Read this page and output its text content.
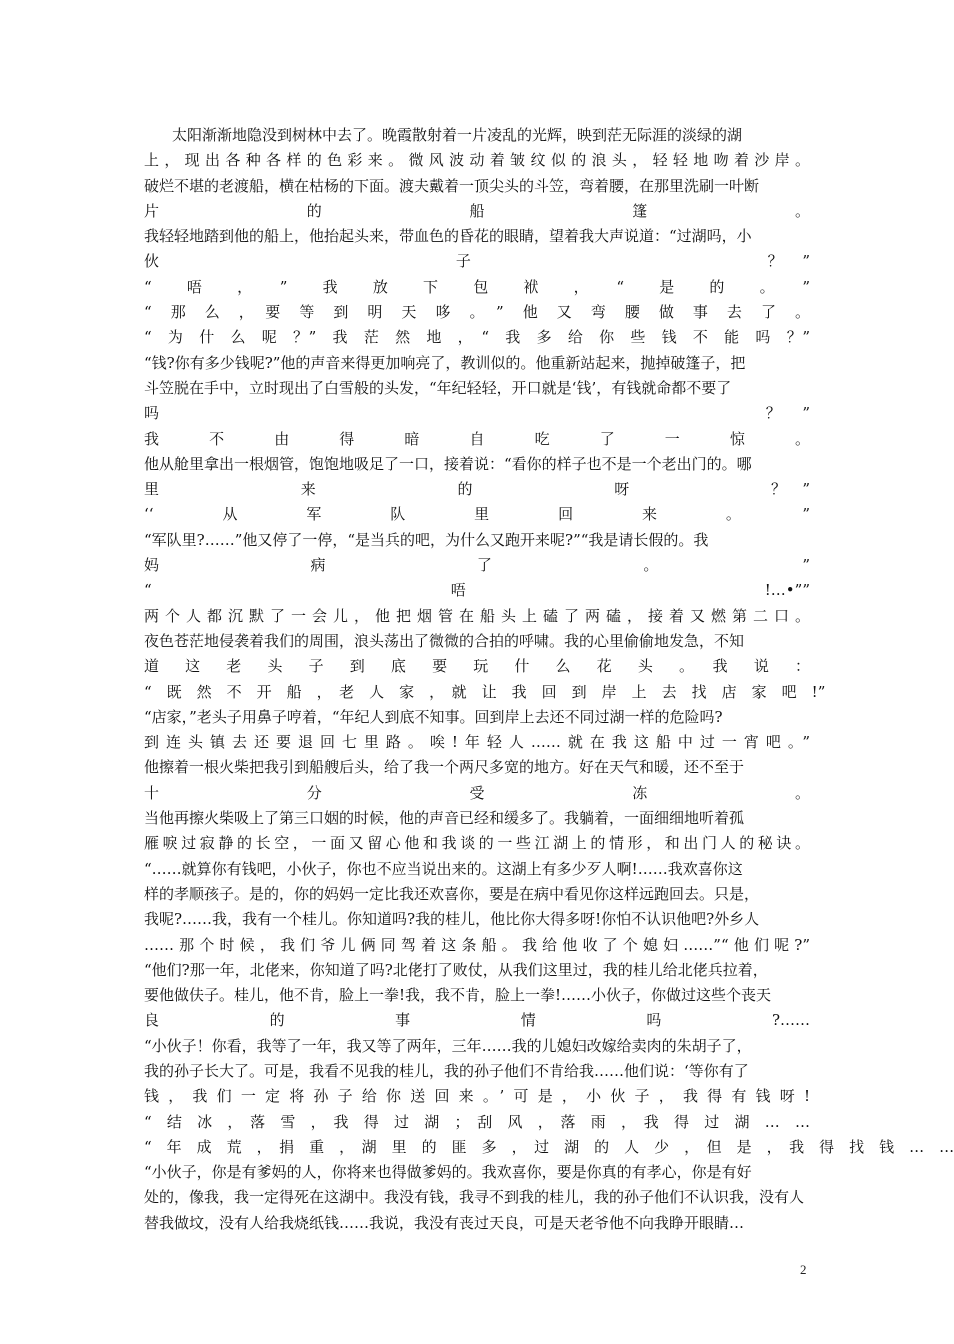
太阳渐渐地隐没到树林中去了。晚霞散射着一片凌乱的光辉，映到茫无际涯的淡绿的湖
上，现出各种各样的色彩来。微风波动着皱纹似的浪头，轻轻地吻着沙岸。
破烂不堪的老渡船，横在枯杨的下面。渡夫戴着一顶尖头的斗笠，弯着腰，在那里洗刷一叶断
片　　　　的　　　　船　　　　篷　　　　。
我轻轻地踏到他的船上，他抬起头来，带血色的昏花的眼睛，望着我大声说道：“过湖吗，小
伙　　　　　　　　子　　　　　　　　？”
“　唔　，　”　我　放　下　包　袱　，　“　是　的　。　”
“　那　么　，　要　等　到　明　天　哆　。　”　他　又　弯　腰　做　事　去　了　。
“　为　什　么　呢　？”　我　茫　然　地　，　“　我　多　给　你　些　钱　不　能　吗　？”
“钱?你有多少钱呢?”他的声音来得更加响亮了，教训似的。他重新站起来，抛掉破篷子，把
斗笠脱在手中，立时现出了白雪般的头发，“年纪轻轻，开口就是‘钱’，有钱就命都不要了
吗　　　　　　　　　　　　　　　　？”
我　不　由　得　暗　自　吃　了　一　惊　。
他从舱里拿出一根烟管，饱饱地吸足了一口，接着说：“看你的样子也不是一个老出门的。哪
里　　　　来　　　　的　　　　呀　　　　？”
‘‘　　从　　军　　队　　里　　回　　来　　。　　”
“军队里?……”他又停了一停，“是当兵的吧，为什么又跑开来呢?”“我是请长假的。我
妈　　　　病　　　　了　　　　。　　　　”
“　　　　　　　唔　　　　　　　!…•””
两个人都沉默了一会儿，他把烟管在船头上磕了两磕，接着又燃第二口。
夜色苍茫地侵袭着我们的周围，浪头荡出了微微的合拍的呼啸。我的心里偷偷地发急，不知
道　这　老　头　子　到　底　要　玩　什　么　花　头　。　我　说　：
“　既　然　不　开　船　，　老　人　家　，　就　让　我　回　到　岸　上　去　找　店　家　吧　!”
“店家，”老头子用鼻子哼着，“年纪人到底不知事。回到岸上去还不同过湖一样的危险吗?
到连头镇去还要退回七里路。唉!年轻人……就在我这船中过一宵吧。”
他擦着一根火柴把我引到船艘后头，给了我一个两尺多宽的地方。好在天气和暖，还不至于
十　　　　分　　　　受　　　　冻　　　　。
当他再擦火柴吸上了第三口姻的时候，他的声音已经和缓多了。我躺着，一面细细地听着孤
雁唳过寂静的长空，一面又留心他和我谈的一些江湖上的情形，和出门人的秘诀。
“……就算你有钱吧，小伙子，你也不应当说出来的。这湖上有多少歹人啊!……我欢喜你这
样的孝顺孩子。是的，你的妈妈一定比我还欢喜你，要是在病中看见你这样远跑回去。只是，
我呢?……我，我有一个桂儿。你知道吗?我的桂儿，他比你大得多呀!你怕不认识他吧?外乡人
……那个时候，我们爷儿俩同驾着这条船。我给他收了个媳妇……”“他们呢?”
“他们?那一年，北佬来，你知道了吗?北佬打了败仗，从我们这里过，我的桂儿给北佬兵拉着，
要他做伕子。桂儿，他不肯，脸上一拳!我，我不肯，脸上一拳!……小伙子，你做过这些个丧天
良　　　的　　　事　　　情　　　吗　　　?……
“小伙子！你看，我等了一年，我又等了两年，三年……我的儿媳妇改嫁给卖肉的朱胡子了，
我的孙子长大了。可是，我看不见我的桂儿，我的孙子他们不肯给我……他们说：‘等你有了
钱，我们一定将孙子给你送回来。’可是，小伙子，我得有钱呀!
“　结　冰　，　落　雪　，　我　得　过　湖　；　刮　风　，　落　雨　，　我　得　过　湖　…　…
“　年　成　荒　，　捐　重　，　湖　里　的　匪　多　，　过　湖　的　人　少　，　但　是　，　我　得　找　钱　…　…
“小伙子，你是有爹妈的人，你将来也得做爹妈的。我欢喜你，要是你真的有孝心，你是有好
处的，像我，我一定得死在这湖中。我没有钱，我寻不到我的桂儿，我的孙子他们不认识我，没有人
替我做坟，没有人给我烧纸钱……我说，我没有丧过天良，可是天老爷他不向我睁开眼睛…
2
